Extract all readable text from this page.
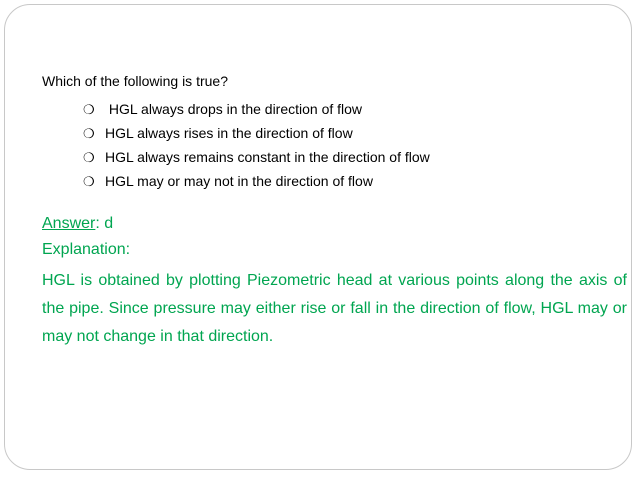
Which of the following is true?
❍ HGL always drops in the direction of flow
❍ HGL always rises in the direction of flow
❍ HGL always remains constant in the direction of flow
❍ HGL may or may not in the direction of flow
Answer: d
Explanation:
HGL is obtained by plotting Piezometric head at various points along the axis of the pipe. Since pressure may either rise or fall in the direction of flow, HGL may or may not change in that direction.
